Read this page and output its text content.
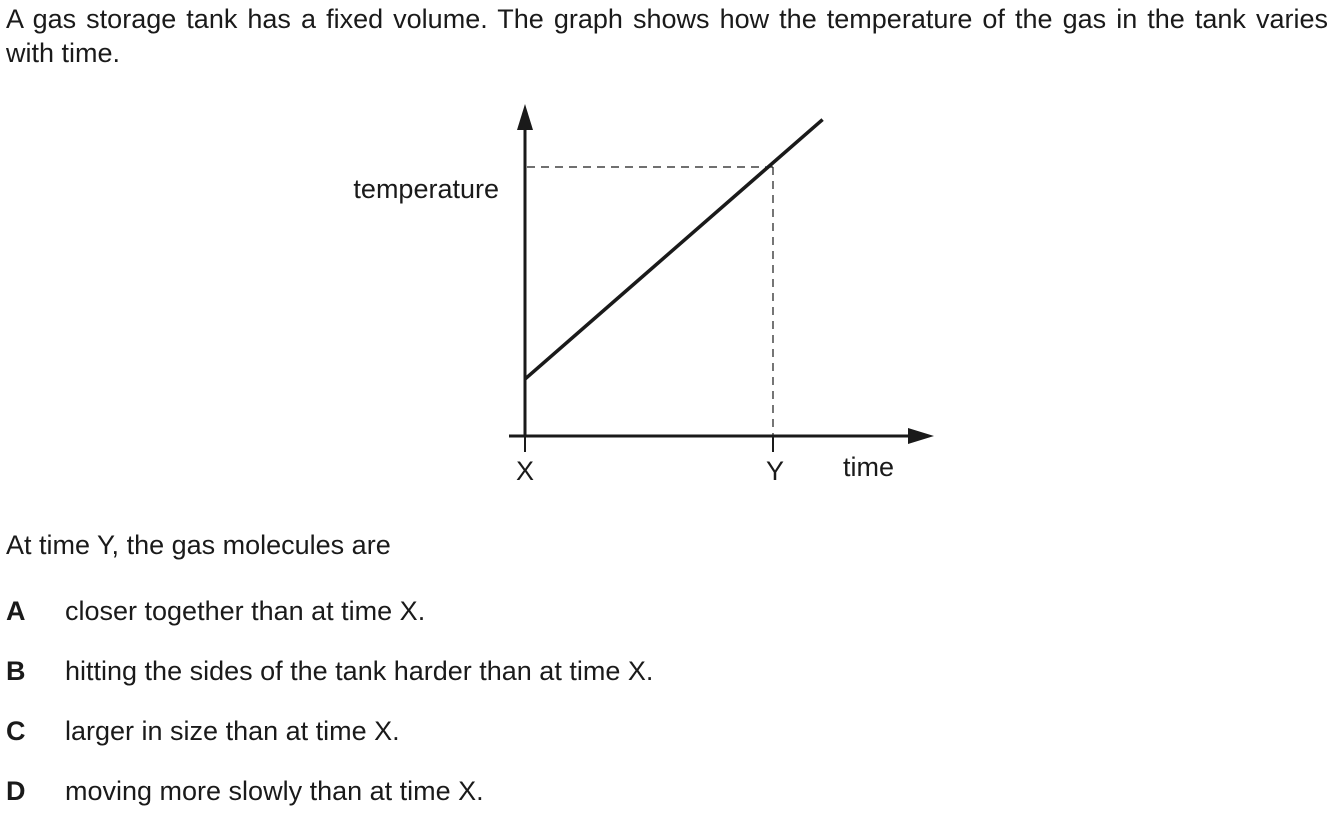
A gas storage tank has a fixed volume. The graph shows how the temperature of the gas in the tank varies with time.

temperature
time
X	Y

At time Y, the gas molecules are

A closer together than at time X.
B hitting the sides of the tank harder than at time X.
C larger in size than at time X.
D moving more slowly than at time X.
